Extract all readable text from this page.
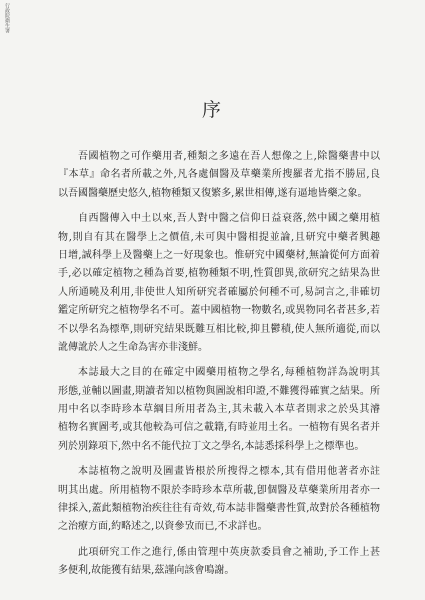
行政院衛生署
序
吾國植物之可作藥用者,種類之多遠在吾人想像之上,除醫藥書中以
『本草』命名者所載之外,凡各處個醫及草藥業所搜羅者尤指不勝屈,良
以吾國醫藥歷史悠久,植物種類又復繁多,累世相傳,遂有逼地皆藥之象。
自西醫傳入中土以來,吾人對中醫之信仰日益衰落,然中國之藥用植
物,則自有其在醫學上之價值,未可與中醫相提並論,且研究中藥者興趣
日增,誠科學上及醫藥上之一好現象也。惟研究中國藥材,無論從何方面着
手,必以確定植物之種為首要,植物種類不明,性質卽異,欲研究之結果為世
人所通曉及利用,非使世人知所研究者確屬於何種不可,易詞言之,非確切
鑑定所研究之植物學名不可。蓋中國植物一物數名,或異物同名者甚多,若
不以學名為標準,則研究結果既難互相比較,抑且鬱積,使人無所適從,而以
訛傳訛於人之生命為害亦非淺鮮。
本誌最大之目的在確定中國藥用植物之學名,每種植物詳為說明其
形態,並輔以圖畫,期讀者知以植物與圖說相印證,不難獲得確實之結果。所
用中名以李時珍本草綱目所用者為主,其未載入本草者則求之於吳其濬
植物名實圖考,或其他較為可信之載籍,有時並用土名。一植物有異名者并
列於別錄項下,然中名不能代拉丁文之學名,本誌悉採科學上之標準也。
本誌植物之說明及圖畫皆根於所搜得之標本,其有借用他著者亦註
明其出處。所用植物不限於李時珍本草所載,卽個醫及草藥業所用者亦一
律採入,蓋此類植物治疾往往有奇效,苟本誌非醫藥書性質,故對於各種植物
之治療方面,約略述之,以資參攷而已,不求詳也。
此項研究工作之進行,係由管理中英庚款委員會之補助,予工作上甚
多便利,故能獲有結果,茲謹向該會鳴謝。
